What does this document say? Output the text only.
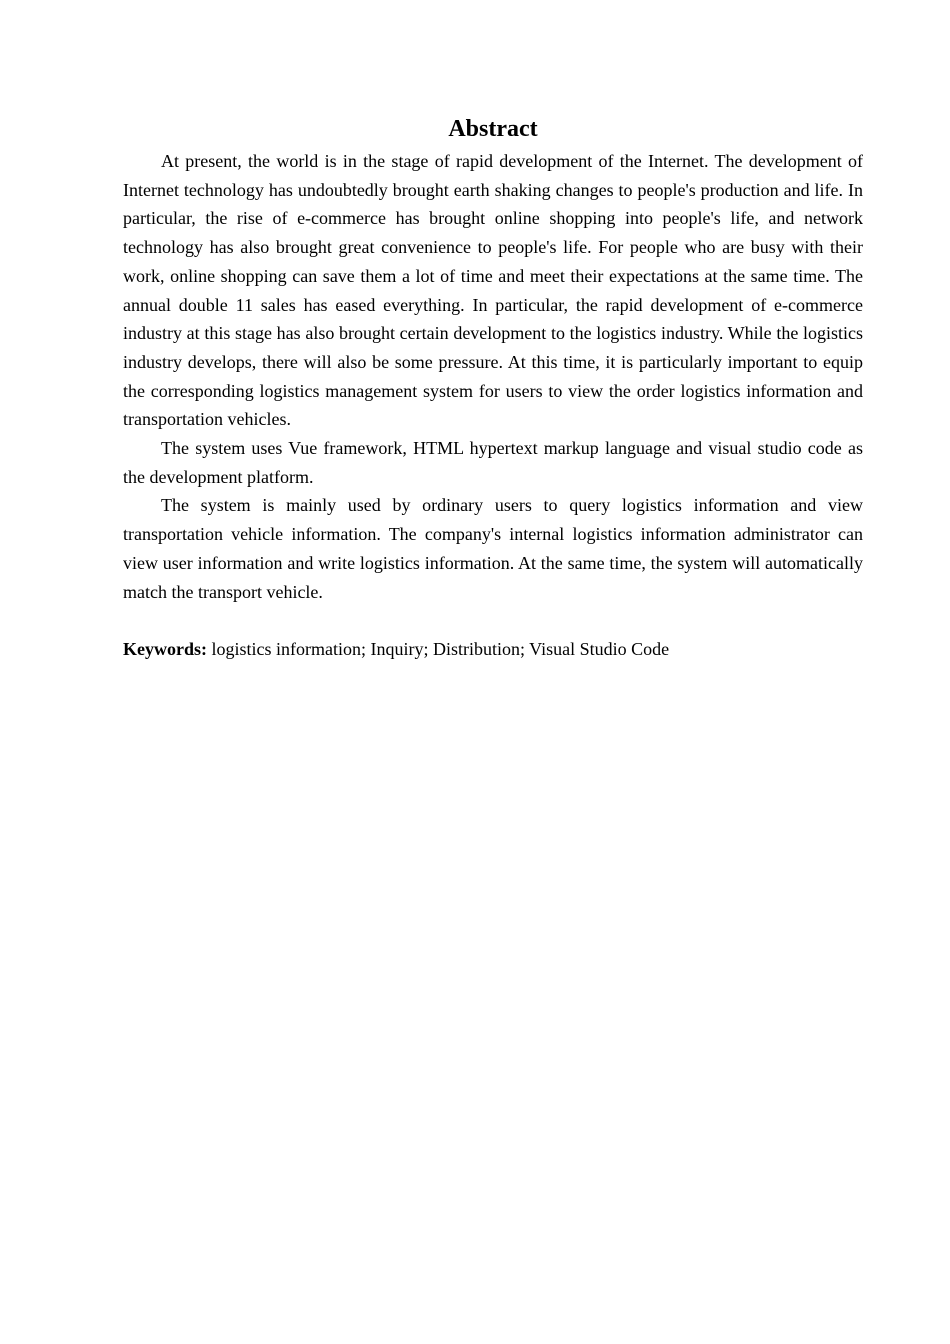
Abstract

At present, the world is in the stage of rapid development of the Internet. The development of Internet technology has undoubtedly brought earth shaking changes to people's production and life. In particular, the rise of e-commerce has brought online shopping into people's life, and network technology has also brought great convenience to people's life. For people who are busy with their work, online shopping can save them a lot of time and meet their expectations at the same time. The annual double 11 sales has eased everything. In particular, the rapid development of e-commerce industry at this stage has also brought certain development to the logistics industry. While the logistics industry develops, there will also be some pressure. At this time, it is particularly important to equip the corresponding logistics management system for users to view the order logistics information and transportation vehicles.

The system uses Vue framework, HTML hypertext markup language and visual studio code as the development platform.

The system is mainly used by ordinary users to query logistics information and view transportation vehicle information. The company's internal logistics information administrator can view user information and write logistics information. At the same time, the system will automatically match the transport vehicle.

Keywords: logistics information; Inquiry; Distribution; Visual Studio Code
